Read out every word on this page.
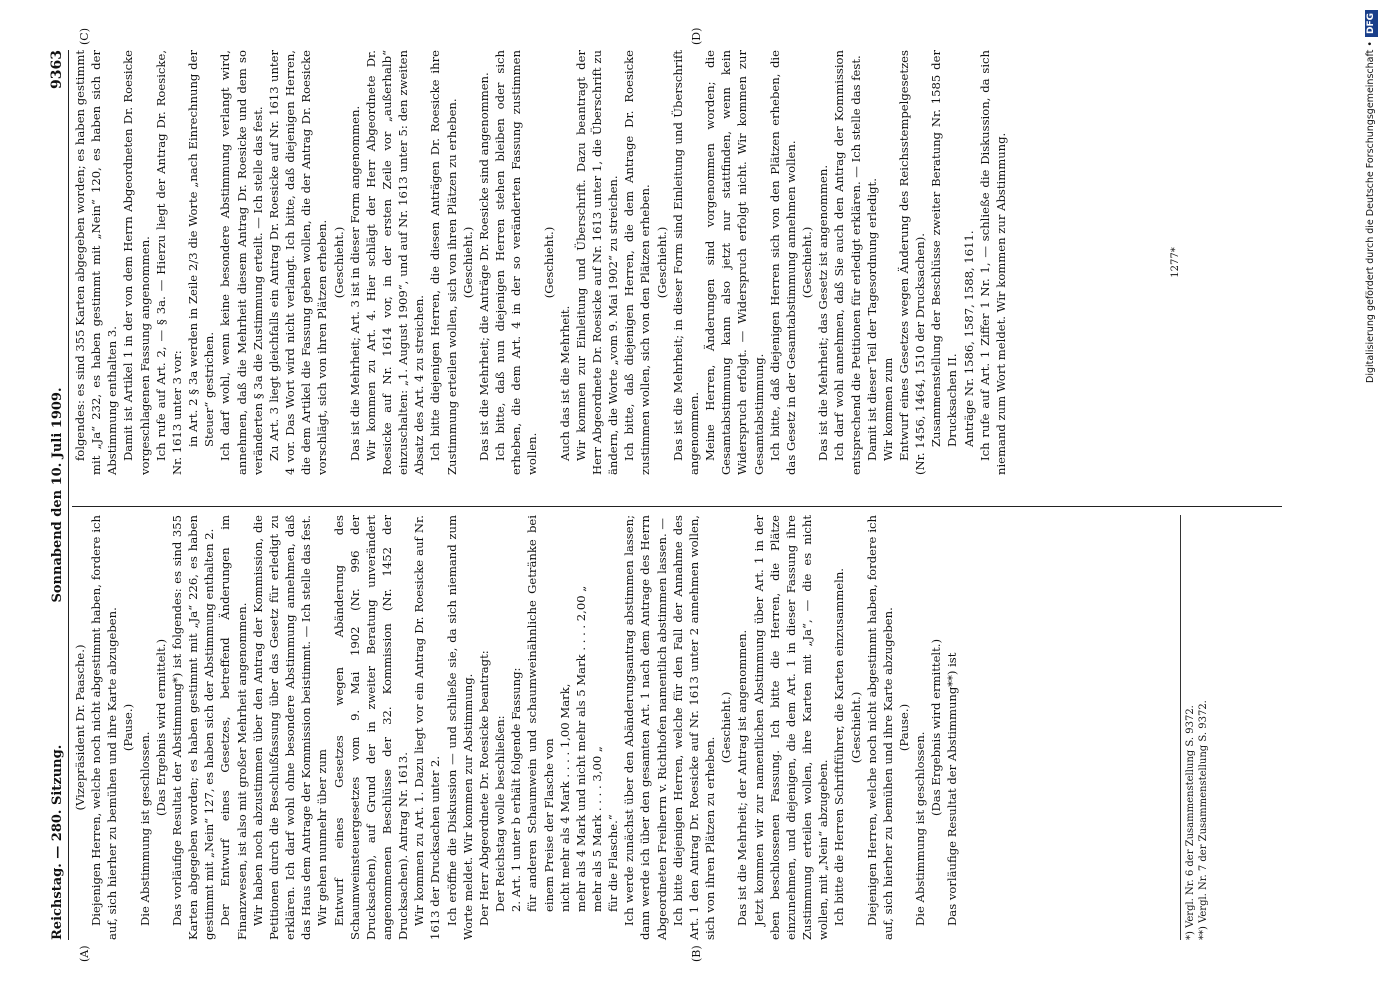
Reichstag. — 280. Sitzung.
Sonnabend den 10. Juli 1909.
9363
(A)	(B)
(C)	(D)

(Vizepräsident Dr. Paasche.) Diejenigen Herren, welche noch nicht abgestimmt haben, fordere ich auf, sich hierher zu bemühen und ihre Karte abzugeben. (Pause.)

Die Abstimmung ist geschlossen.

(Das Ergebnis wird ermittelt.) Das vorläufige Resultat der Abstimmung*) ist folgendes: es sind 355 Karten abgegeben worden; es haben gestimmt mit „Ja“ 226, es haben gestimmt mit „Nein“ 127, es haben sich der Abstimmung enthalten 2. Der Entwurf eines Gesetzes, betreffend Änderungen im Finanzwesen, ist also mit großer Mehrheit angenommen. Wir haben noch abzustimmen über den Antrag der Kommission, die Petitionen durch die Beschlußfassung über das Gesetz für erledigt zu erklären. Ich darf wohl ohne besondere Abstimmung annehmen, daß das Haus dem Antrage der Kommission beistimmt. — Ich stelle das fest. Wir gehen nunmehr über zum Entwurf eines Gesetzes wegen Abänderung des Schaumweinsteuergesetzes vom 9. Mai 1902 (Nr. 996 der Drucksachen), auf Grund der in zweiter Beratung unverändert angenommenen Beschlüsse der 32. Kommission (Nr. 1452 der Drucksachen). Antrag Nr. 1613. Wir kommen zu Art. 1. Dazu liegt vor ein Antrag Dr. Roesicke auf Nr. 1613 der Drucksachen unter 2. Ich eröffne die Diskussion — und schließe sie, da sich niemand zum Worte meldet. Wir kommen zur Abstimmung. Der Herr Abgeordnete Dr. Roesicke beantragt: Der Reichstag wolle beschließen: 2. Art. 1 unter b erhält folgende Fassung: für anderen Schaumwein und schaumweinähnliche Getränke bei einem Preise der Flasche von nicht mehr als 4 Mark . . . . 1,00 Mark, mehr als 4 Mark und nicht mehr als 5 Mark . . . . 2,00 „ mehr als 5 Mark . . . . 3,00 „ für die Flasche.“ Ich werde zunächst über den Abänderungsantrag abstimmen lassen; dann werde ich über den gesamten Art. 1 nach dem Antrage des Herrn Abgeordneten Freiherrn v. Richthofen namentlich abstimmen lassen. — Ich bitte diejenigen Herren, welche für den Fall der Annahme des Art. 1 den Antrag Dr. Roesicke auf Nr. 1613 unter 2 annehmen wollen, sich von ihren Plätzen zu erheben.

(Geschieht.) Das ist die Mehrheit; der Antrag ist angenommen. Jetzt kommen wir zur namentlichen Abstimmung über Art. 1 in der eben beschlossenen Fassung. Ich bitte die Herren, die Plätze einzunehmen, und diejenigen, die dem Art. 1 in dieser Fassung ihre Zustimmung erteilen wollen, ihre Karten mit „Ja“, — die es nicht wollen, mit „Nein“ abzugeben. Ich bitte die Herren Schriftführer, die Karten einzusammeln. (Geschieht.) Diejenigen Herren, welche noch nicht abgestimmt haben, fordere ich auf, sich hierher zu bemühen und ihre Karte abzugeben. (Pause.)

Die Abstimmung ist geschlossen.

(Das Ergebnis wird ermittelt.) Das vorläufige Resultat der Abstimmung**) ist

folgendes: es sind 355 Karten abgegeben worden; es haben gestimmt mit „Ja“ 232, es haben gestimmt mit „Nein“ 120, es haben sich der Abstimmung enthalten 3. Damit ist Artikel 1 in der von dem Herrn Abgeordneten Dr. Roesicke vorgeschlagenen Fassung angenommen. Ich rufe auf Art. 2, — § 3a. — Hierzu liegt der Antrag Dr. Roesicke, Nr. 1613 unter 3 vor: in Art. 2 § 3a werden in Zeile 2/3 die Worte „nach Einrechnung der Steuer“ gestrichen. Ich darf wohl, wenn keine besondere Abstimmung verlangt wird, annehmen, daß die Mehrheit diesem Antrag Dr. Roesicke und dem so veränderten § 3a die Zustimmung erteilt. — Ich stelle das fest. Zu Art. 3 liegt gleichfalls ein Antrag Dr. Roesicke auf Nr. 1613 unter 4 vor. Das Wort wird nicht verlangt. Ich bitte, daß diejenigen Herren, die dem Artikel die Fassung geben wollen, die der Antrag Dr. Roesicke vorschlägt, sich von ihren Plätzen erheben. (Geschieht.) Das ist die Mehrheit; Art. 3 ist in dieser Form angenommen. Wir kommen zu Art. 4. Hier schlägt der Herr Abgeordnete Dr. Roesicke auf Nr. 1614 vor, in der ersten Zeile vor „außerhalb“ einzuschalten: „1. August 1909“, und auf Nr. 1613 unter 5: den zweiten Absatz des Art. 4 zu streichen. Ich bitte diejenigen Herren, die diesen Anträgen Dr. Roesicke ihre Zustimmung erteilen wollen, sich von ihren Plätzen zu erheben. (Geschieht.) Das ist die Mehrheit; die Anträge Dr. Roesicke sind angenommen. Ich bitte, daß nun diejenigen Herren stehen bleiben oder sich erheben, die dem Art. 4 in der so veränderten Fassung zustimmen wollen.

(Geschieht.)

Auch das ist die Mehrheit. Wir kommen zur Einleitung und Überschrift. Dazu beantragt der Herr Abgeordnete Dr. Roesicke auf Nr. 1613 unter 1, die Überschrift zu ändern, die Worte „vom 9. Mai 1902“ zu streichen. Ich bitte, daß diejenigen Herren, die dem Antrage Dr. Roesicke zustimmen wollen, sich von den Plätzen erheben. (Geschieht.) Das ist die Mehrheit; in dieser Form sind Einleitung und Überschrift angenommen. Meine Herren, Änderungen sind vorgenommen worden; die Gesamtabstimmung kann also jetzt nur stattfinden, wenn kein Widerspruch erfolgt. — Widerspruch erfolgt nicht. Wir kommen zur Gesamtabstimmung. Ich bitte, daß diejenigen Herren sich von den Plätzen erheben, die das Gesetz in der Gesamtabstimmung annehmen wollen. (Geschieht.) Das ist die Mehrheit; das Gesetz ist angenommen. Ich darf wohl annehmen, daß Sie auch den Antrag der Kommission entsprechend die Petitionen für erledigt erklären. — Ich stelle das fest. Damit ist dieser Teil der Tagesordnung erledigt. Wir kommen zum Entwurf eines Gesetzes wegen Änderung des Reichsstempelgesetzes (Nr. 1456, 1464, 1510 der Drucksachen). Zusammenstellung der Beschlüsse zweiter Beratung Nr. 1585 der Drucksachen II. Anträge Nr. 1586, 1587, 1588, 1611. Ich rufe auf Art. 1 Ziffer 1 Nr. 1, — schließe die Diskussion, da sich niemand zum Wort meldet. Wir kommen zur Abstimmung.

*) Vergl. Nr. 6 der Zusammenstellung S. 9372. **) Vergl. Nr. 7 der Zusammenstellung S. 9372.
1277*	Digitalisierung gefördert durch die Deutsche Forschungsgemeinschaft •DFG
